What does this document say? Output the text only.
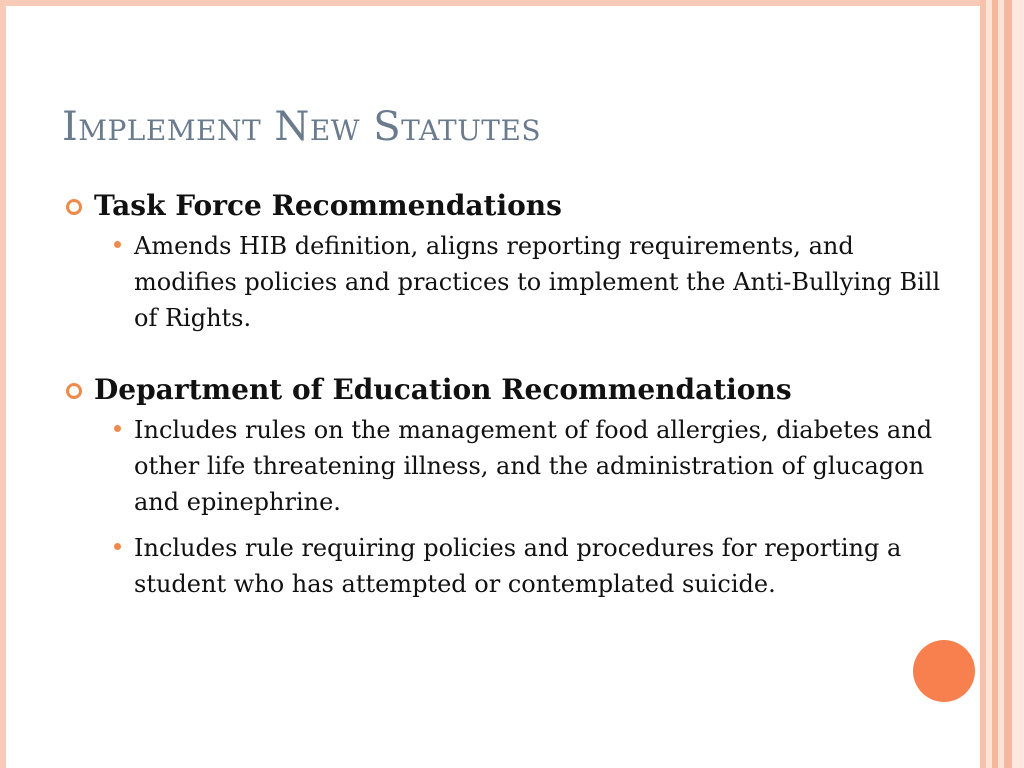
Implement New Statutes
Task Force Recommendations
Amends HIB definition, aligns reporting requirements, and modifies policies and practices to implement the Anti-Bullying Bill of Rights.
Department of Education Recommendations
Includes rules on the management of food allergies, diabetes and other life threatening illness, and the administration of glucagon and epinephrine.
Includes rule requiring policies and procedures for reporting a student who has attempted or contemplated suicide.
